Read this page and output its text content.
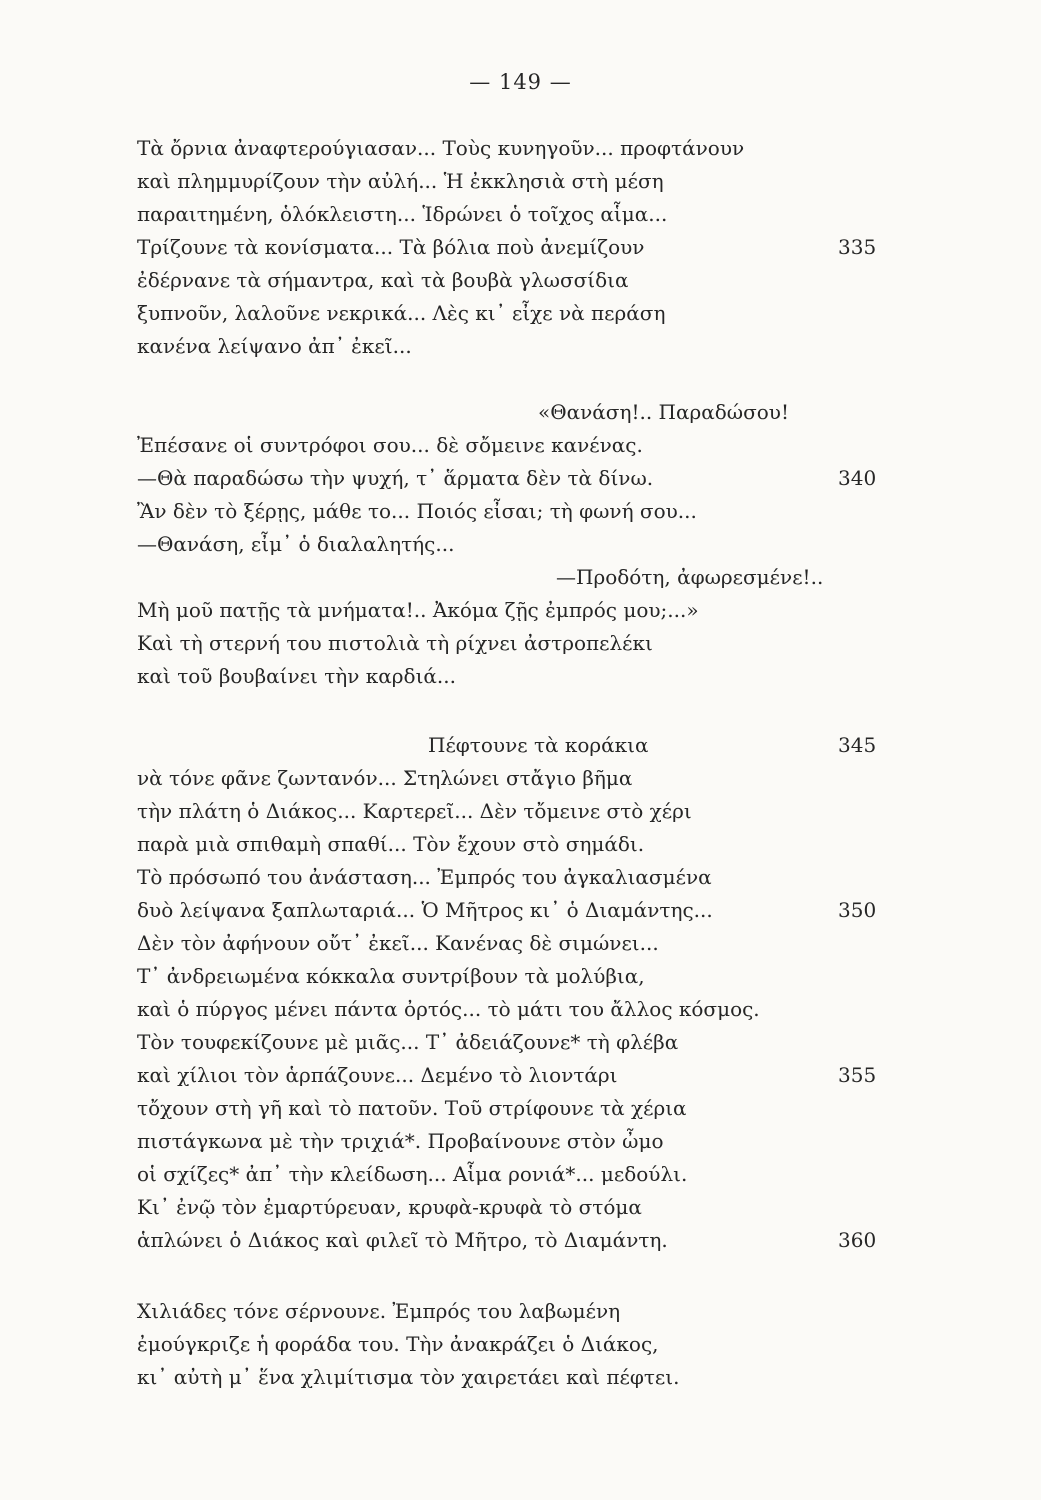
— 149 —
Τὰ ὄρνια ἀναφτερούγιασαν... Τοὺς κυνηγοῦν... προφτάνουν
καὶ πλημμυρίζουν τὴν αὐλή... Ἡ ἐκκλησιὰ στὴ μέση
παραιτημένη, ὁλόκλειστη... Ἱδρώνει ὁ τοῖχος αἷμα...
Τρίζουνε τὰ κονίσματα... Τὰ βόλια ποὺ ἀνεμίζουν
ἐδέρνανε τὰ σήμαντρα, καὶ τὰ βουβὰ γλωσσίδια
ξυπνοῦν, λαλοῦνε νεκρικά... Λὲς κι᾿ εἶχε νὰ περάση
κανένα λείψανο ἀπ᾿ ἐκεῖ...
«Θανάση!.. Παραδώσου!
Ἐπέσανε οἱ συντρόφοι σου... δὲ σὄμεινε κανένας.
—Θὰ παραδώσω τὴν ψυχή, τ᾿ ἅρματα δὲν τὰ δίνω.
Ἂν δὲν τὸ ξέρῃς, μάθε το... Ποιός εἶσαι; τὴ φωνή σου...
—Θανάση, εἶμ᾿ ὁ διαλαλητής...
—Προδότη, ἀφωρεσμένε!..
Μὴ μοῦ πατῇς τὰ μνήματα!.. Ἀκόμα ζῇς ἐμπρός μου;...»
Καὶ τὴ στερνή του πιστολιὰ τὴ ρίχνει ἀστροπελέκι
καὶ τοῦ βουβαίνει τὴν καρδιά...
Πέφτουνε τὰ κοράκια
νὰ τόνε φᾶνε ζωντανόν... Στηλώνει στἄγιο βῆμα
τὴν πλάτη ὁ Διάκος... Καρτερεῖ... Δὲν τὄμεινε στὸ χέρι
παρὰ μιὰ σπιθαμὴ σπαθί... Τὸν ἔχουν στὸ σημάδι.
Τὸ πρόσωπό του ἀνάσταση... Ἐμπρός του ἀγκαλιασμένα
δυὸ λείψανα ξαπλωταριά... Ὁ Μῆτρος κι᾿ ὁ Διαμάντης...
Δὲν τὸν ἀφήνουν οὔτ᾿ ἐκεῖ... Κανένας δὲ σιμώνει...
Τ᾿ ἀνδρειωμένα κόκκαλα συντρίβουν τὰ μολύβια,
καὶ ὁ πύργος μένει πάντα ὀρτός... τὸ μάτι του ἄλλος κόσμος.
Τὸν τουφεκίζουνε μὲ μιᾶς... Τ᾿ ἀδειάζουνε* τὴ φλέβα
καὶ χίλιοι τὸν ἁρπάζουνε... Δεμένο τὸ λιοντάρι
τὄχουν στὴ γῆ καὶ τὸ πατοῦν. Τοῦ στρίφουνε τὰ χέρια
πιστάγκωνα μὲ τὴν τριχιά*. Προβαίνουνε στὸν ὦμο
οἱ σχίζες* ἀπ᾿ τὴν κλείδωση... Αἷμα ρονιά*... μεδούλι.
Κι᾿ ἐνῷ τὸν ἐμαρτύρευαν, κρυφὰ-κρυφὰ τὸ στόμα
ἁπλώνει ὁ Διάκος καὶ φιλεῖ τὸ Μῆτρο, τὸ Διαμάντη.
Χιλιάδες τόνε σέρνουνε. Ἐμπρός του λαβωμένη
ἐμούγκριζε ἡ φοράδα του. Τὴν ἀνακράζει ὁ Διάκος,
κι᾿ αὐτὴ μ᾿ ἕνα χλιμίτισμα τὸν χαιρετάει καὶ πέφτει.
335
340
345
350
355
360
